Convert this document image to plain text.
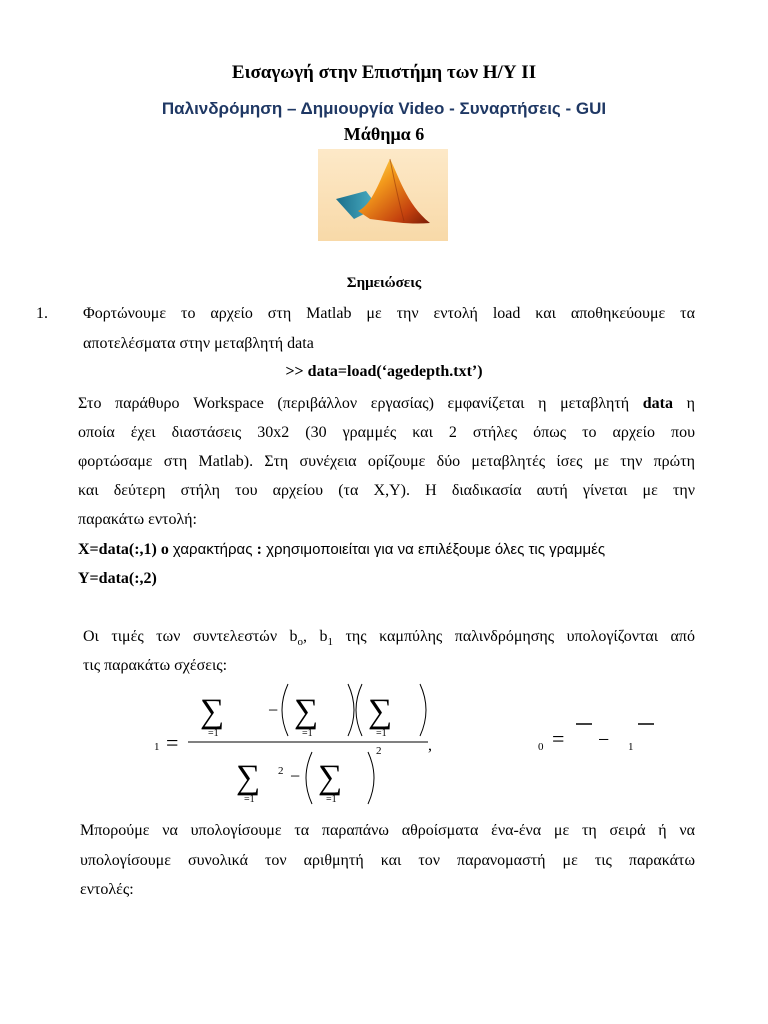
Εισαγωγή στην Επιστήμη των Η/Υ ΙΙ
Παλινδρόμηση – Δημιουργία Video - Συναρτήσεις - GUI
Μάθημα 6
Σημειώσεις
1. Φορτώνουμε το αρχείο στη Matlab με την εντολή load και αποθηκεύουμε τα
αποτελέσματα στην μεταβλητή data
>> data=load(‘agedepth.txt’)
Στο παράθυρο Workspace (περιβάλλον εργασίας) εμφανίζεται η μεταβλητή data η
οποία έχει διαστάσεις 30x2 (30 γραμμές και 2 στήλες όπως το αρχείο που
φορτώσαμε στη Matlab). Στη συνέχεια ορίζουμε δύο μεταβλητές ίσες με την πρώτη
και δεύτερη στήλη του αρχείου (τα X,Y). Η διαδικασία αυτή γίνεται με την
παρακάτω εντολή:
X=data(:,1) ο χαρακτήρας : χρησιμοποιείται για να επιλέξουμε όλες τις γραμμές
Y=data(:,2)
Οι τιμές των συντελεστών $b_o$, $b_1$ της καμπύλης παλινδρόμησης υπολογίζονται από
τις παρακάτω σχέσεις:
1 =
∑
=1
− ∑
=1
∑
=1
∑
=1
2 − ∑
=1
2	,	0 = − 1
Μπορούμε να υπολογίσουμε τα παραπάνω αθροίσματα ένα-ένα με τη σειρά ή να
υπολογίσουμε συνολικά τον αριθμητή και τον παρανομαστή με τις παρακάτω
εντολές:
